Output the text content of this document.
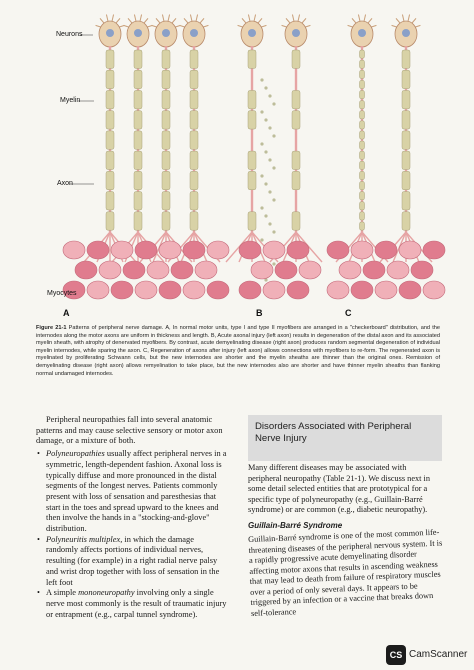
Neurons
Myelin
Axon
Myocytes
A	B	C
Figure 21-1 Patterns of peripheral nerve damage. A, In normal motor units, type I and type II myofibers are arranged in a "checkerboard" distribution, and the internodes along the motor axons are uniform in thickness and length. B, Acute axonal injury (left axon) results in degeneration of the distal axon and its associated myelin sheath, with atrophy of denervated myofibers. By contrast, acute demyelinating disease (right axon) produces random segmental degeneration of individual myelin internodes, while sparing the axon. C, Regeneration of axons after injury (left axon) allows connections with myofibers to re-form. The regenerated axon is myelinated by proliferating Schwann cells, but the new internodes are shorter and the myelin sheaths are thinner than the original ones. Remission of demyelinating disease (right axon) allows remyelination to take place, but the new internodes also are shorter and have thinner myelin sheaths than flanking normal undamaged internodes.

Peripheral neuropathies fall into several anatomic patterns and may cause selective sensory or motor axon damage, or a mixture of both.

• Polyneuropathies usually affect peripheral nerves in a symmetric, length-dependent fashion. Axonal loss is typically diffuse and more pronounced in the distal segments of the longest nerves. Patients commonly present with loss of sensation and paresthesias that start in the toes and spread upward to the knees and then involve the hands in a "stocking-and-glove" distribution.
• Polyneuritis multiplex, in which the damage randomly affects portions of individual nerves, resulting (for example) in a right radial nerve palsy and wrist drop together with loss of sensation in the left foot
• A simple mononeuropathy involving only a single nerve most commonly is the result of traumatic injury or entrapment (e.g., carpal tunnel syndrome).
Disorders Associated with Peripheral Nerve Injury

Many different diseases may be associated with peripheral neuropathy (Table 21-1). We discuss next in some detail selected entities that are prototypical for a specific type of polyneuropathy (e.g., Guillain-Barré syndrome) or are common (e.g., diabetic neuropathy).

Guillain-Barré Syndrome

Guillain-Barré syndrome is one of the most common life-threatening diseases of the peripheral nervous system. It is a rapidly progressive acute demyelinating disorder affecting motor axons that results in ascending weakness that may lead to death from failure of respiratory muscles over a period of only several days. It appears to be triggered by an infection or a vaccine that breaks down self-tolerance

CS CamScanner
